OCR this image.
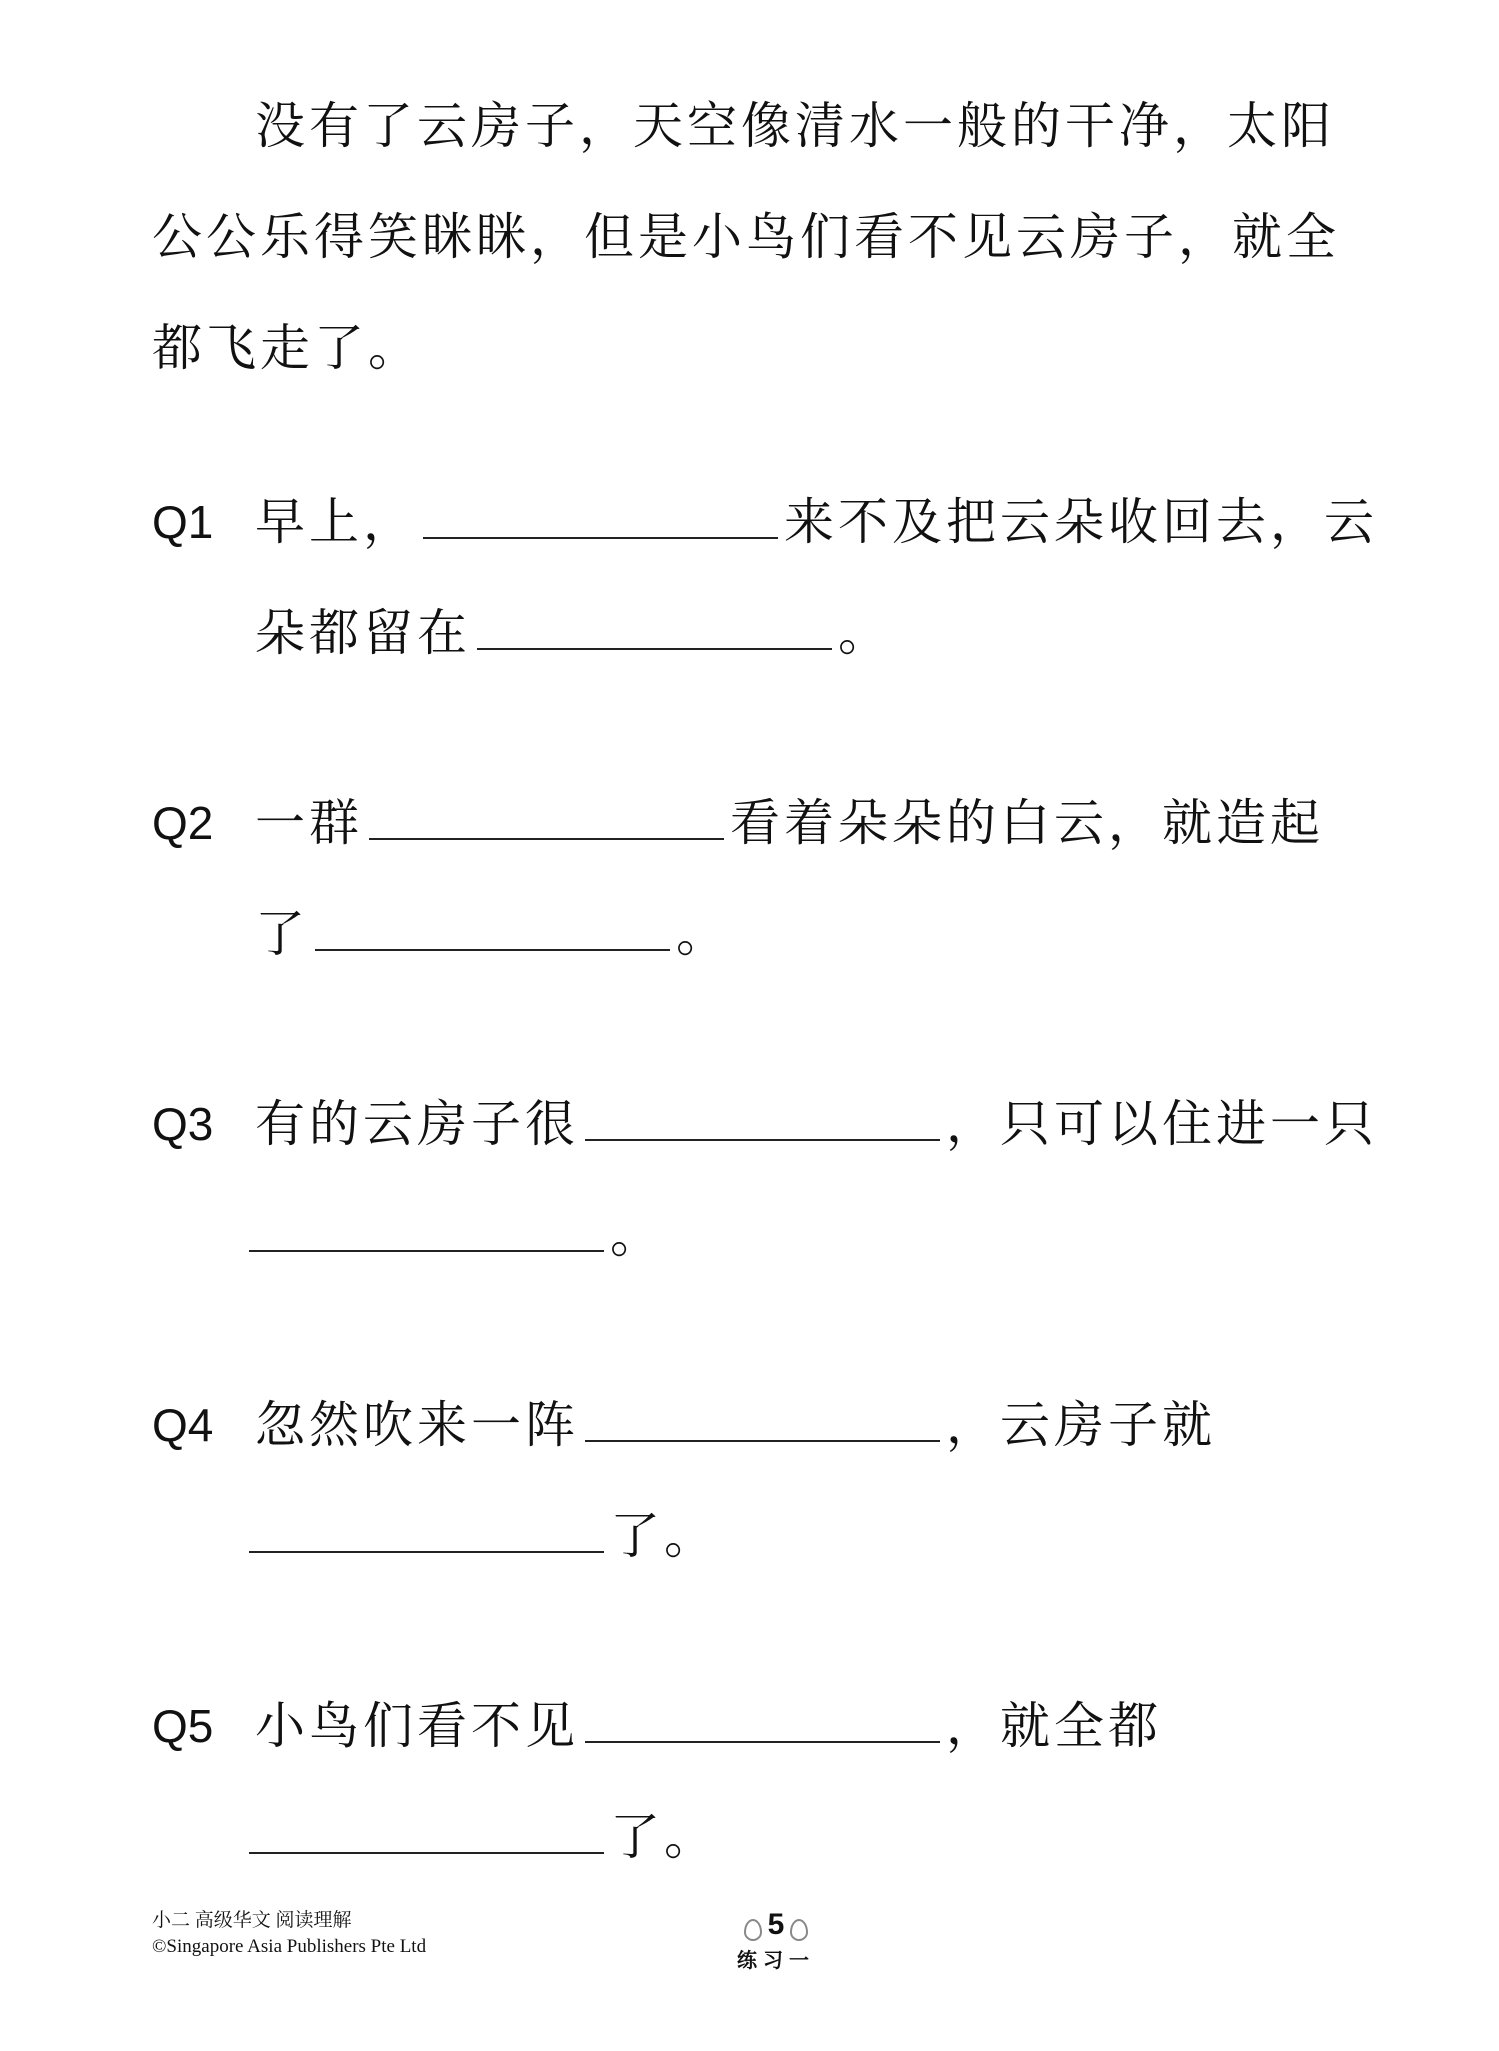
没有了云房子，天空像清水一般的干净，太阳
公公乐得笑眯眯，但是小鸟们看不见云房子，就全
都飞走了。
Q1 早上，	来不及把云朵收回去，云
朵都留在	。
Q2 一群	看着朵朵的白云，就造起
了	。
Q3 有的云房子很	，只可以住进一只
。
Q4 忽然吹来一阵	，云房子就
了。
Q5 小鸟们看不见	，就全都
了。
小二 高级华文 阅读理解
©Singapore Asia Publishers Pte Ltd
5
练习一
